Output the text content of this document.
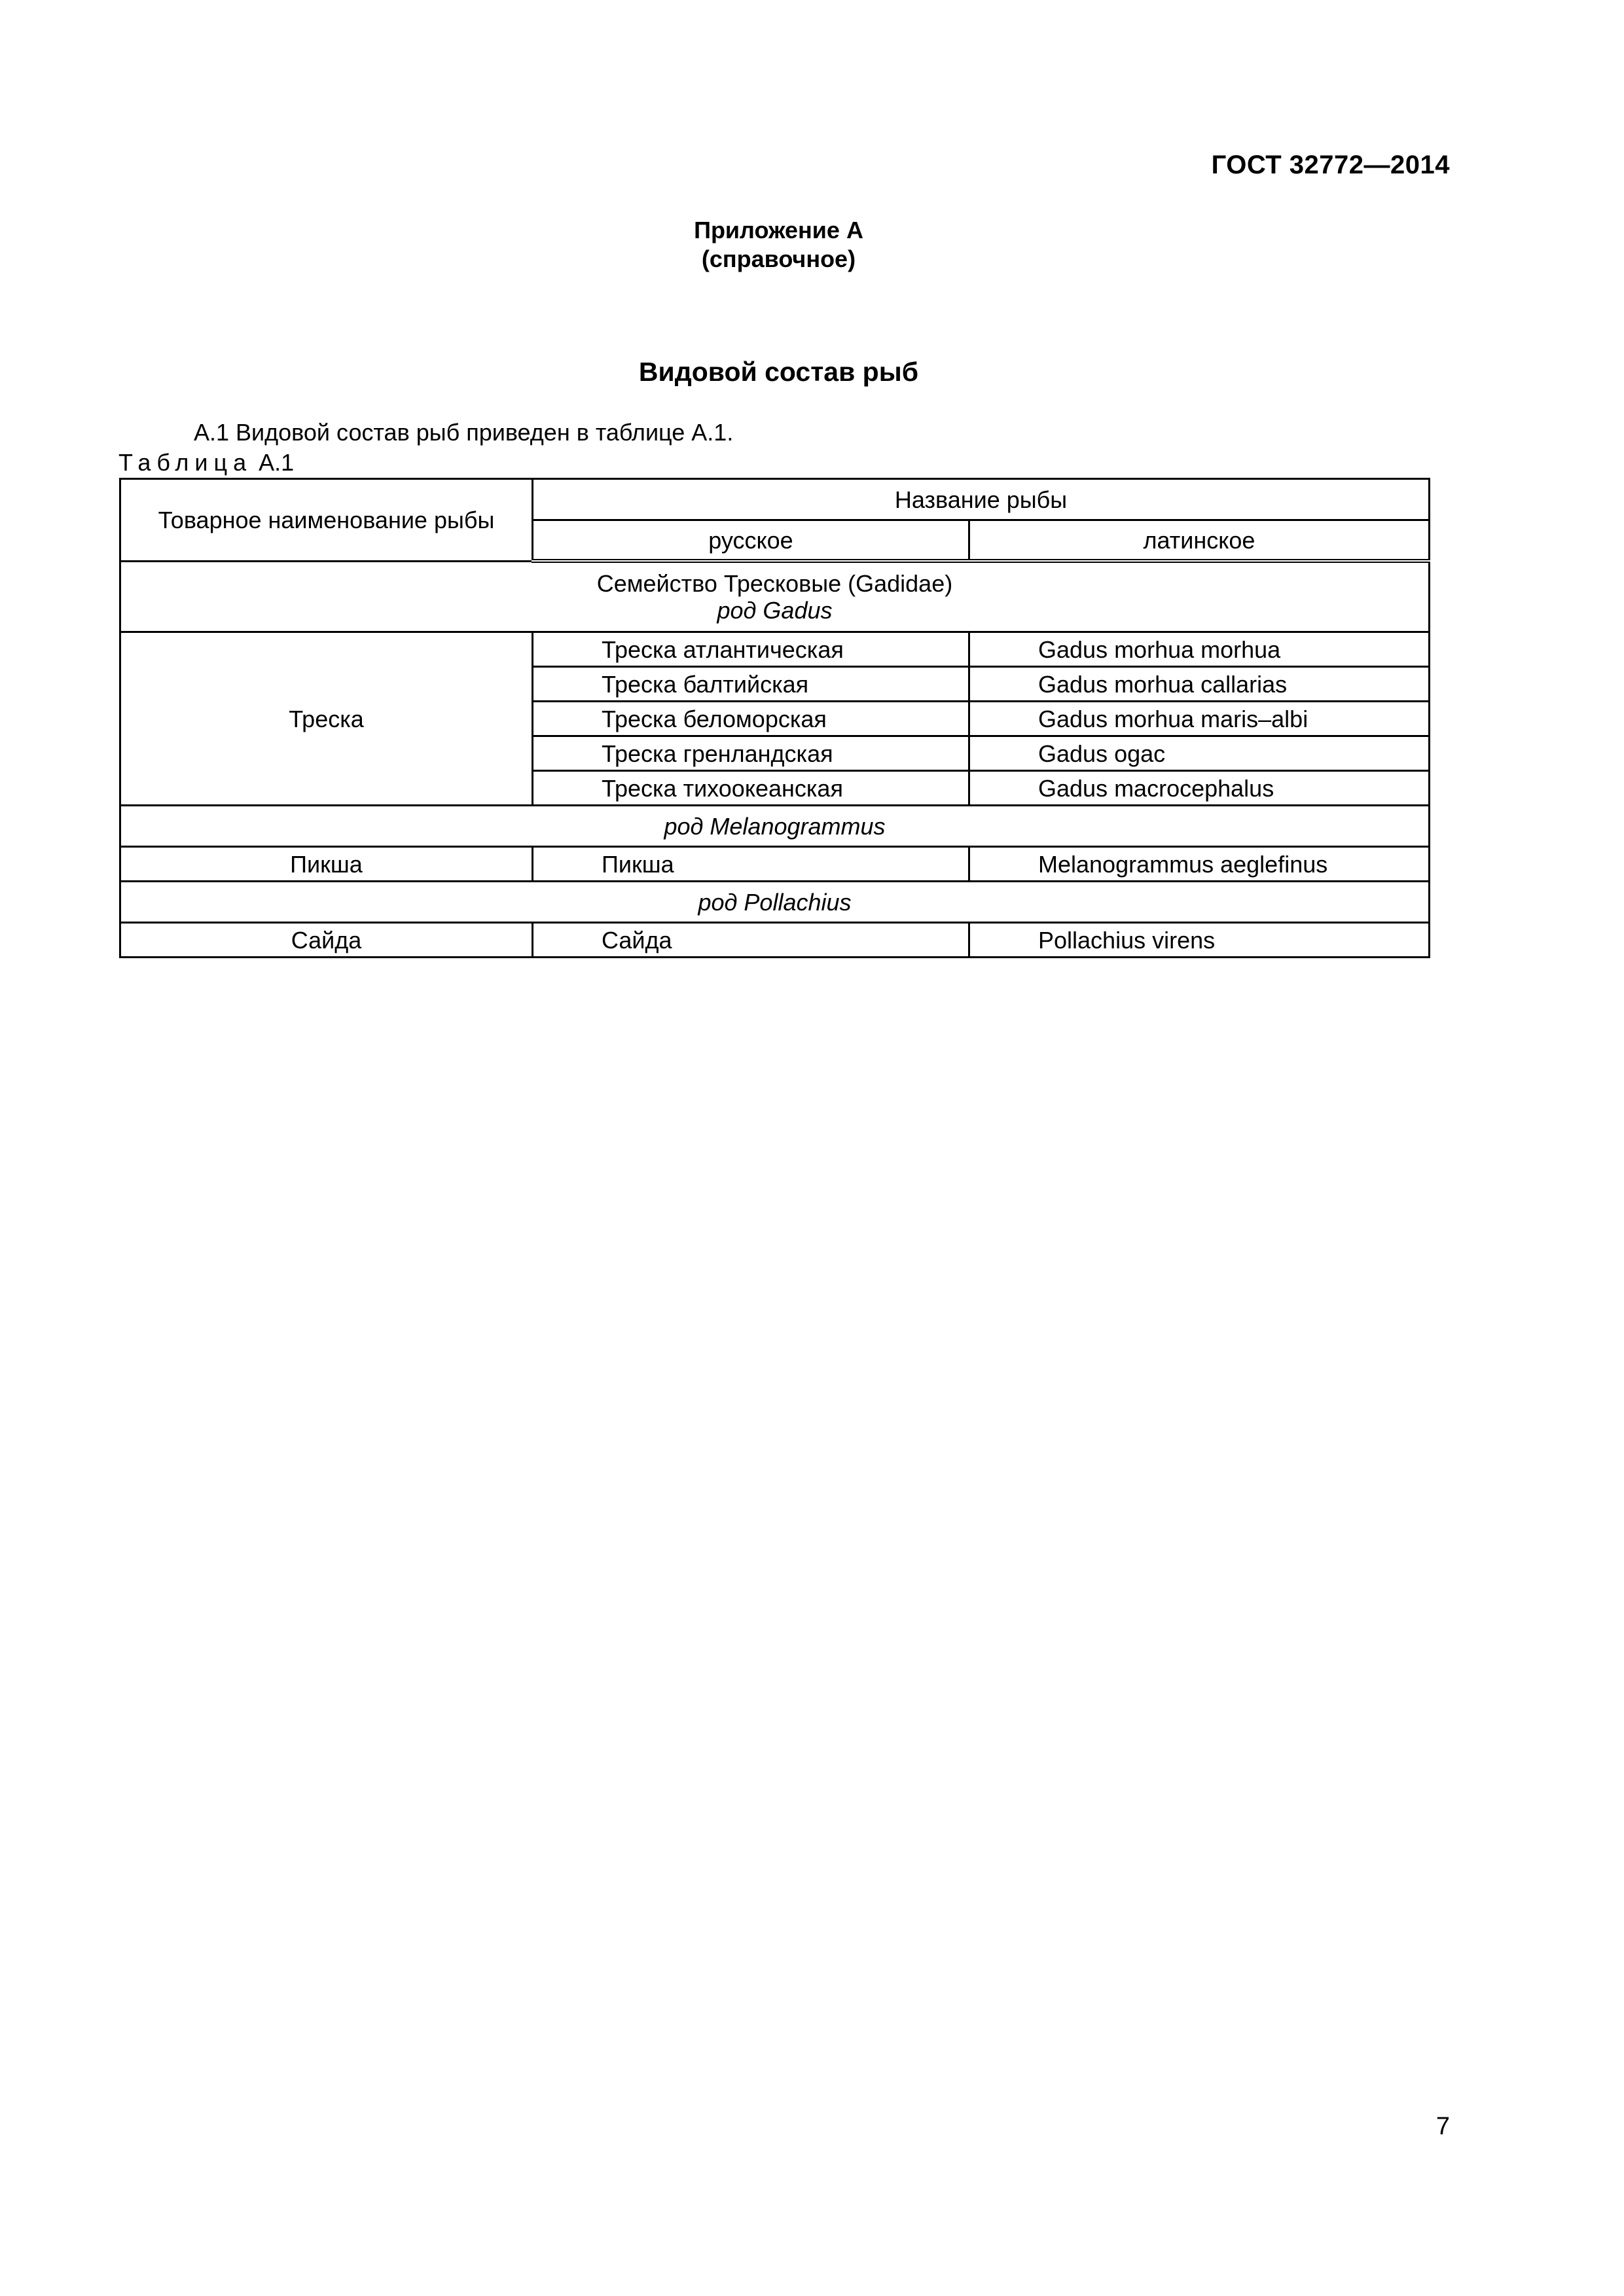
ГОСТ 32772—2014
Приложение А
(справочное)
Видовой состав рыб
А.1 Видовой состав рыб приведен в таблице А.1.
Таблица А.1
Товарное наименование рыбы	Название рыбы	
	русское	латинское

Семейство Тресковые (Gadidae)
род Gadus		

Треска	Треска атлантическая	Gadus morhua morhua
	Треска балтийская	Gadus morhua callarias
	Треска беломорская	Gadus morhua maris–albi
	Треска гренландская	Gadus ogac
	Треска тихоокеанская	Gadus macrocephalus
род Melanogrammus		
Пикша	Пикша	Melanogrammus aeglefinus
род Pollachius		
Сайда	Сайда	Pollachius virens
7
